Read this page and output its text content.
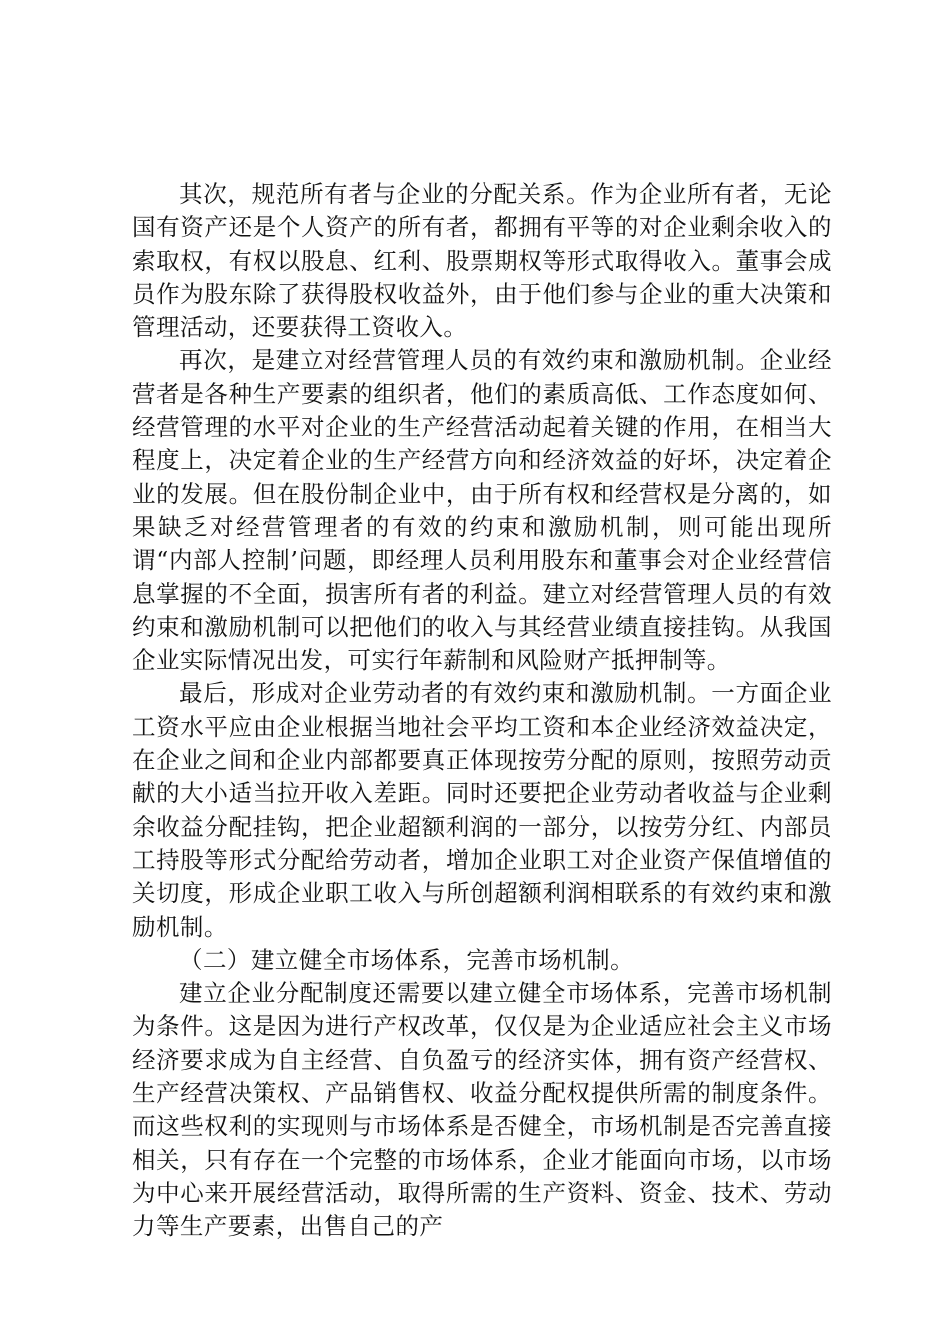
其次，规范所有者与企业的分配关系。作为企业所有者，无论国有资产还是个人资产的所有者，都拥有平等的对企业剩余收入的索取权，有权以股息、红利、股票期权等形式取得收入。董事会成员作为股东除了获得股权收益外，由于他们参与企业的重大决策和管理活动，还要获得工资收入。

再次，是建立对经营管理人员的有效约束和激励机制。企业经营者是各种生产要素的组织者，他们的素质高低、工作态度如何、经营管理的水平对企业的生产经营活动起着关键的作用，在相当大程度上，决定着企业的生产经营方向和经济效益的好坏，决定着企业的发展。但在股份制企业中，由于所有权和经营权是分离的，如果缺乏对经营管理者的有效的约束和激励机制，则可能出现所谓“内部人控制’问题，即经理人员利用股东和董事会对企业经营信息掌握的不全面，损害所有者的利益。建立对经营管理人员的有效约束和激励机制可以把他们的收入与其经营业绩直接挂钩。从我国企业实际情况出发，可实行年薪制和风险财产抵押制等。

最后，形成对企业劳动者的有效约束和激励机制。一方面企业工资水平应由企业根据当地社会平均工资和本企业经济效益决定，在企业之间和企业内部都要真正体现按劳分配的原则，按照劳动贡献的大小适当拉开收入差距。同时还要把企业劳动者收益与企业剩余收益分配挂钩，把企业超额利润的一部分，以按劳分红、内部员工持股等形式分配给劳动者，增加企业职工对企业资产保值增值的关切度，形成企业职工收入与所创超额利润相联系的有效约束和激励机制。

（二）建立健全市场体系，完善市场机制。

建立企业分配制度还需要以建立健全市场体系，完善市场机制为条件。这是因为进行产权改革，仅仅是为企业适应社会主义市场经济要求成为自主经营、自负盈亏的经济实体，拥有资产经营权、生产经营决策权、产品销售权、收益分配权提供所需的制度条件。而这些权利的实现则与市场体系是否健全，市场机制是否完善直接相关，只有存在一个完整的市场体系，企业才能面向市场，以市场为中心来开展经营活动，取得所需的生产资料、资金、技术、劳动力等生产要素，出售自己的产
